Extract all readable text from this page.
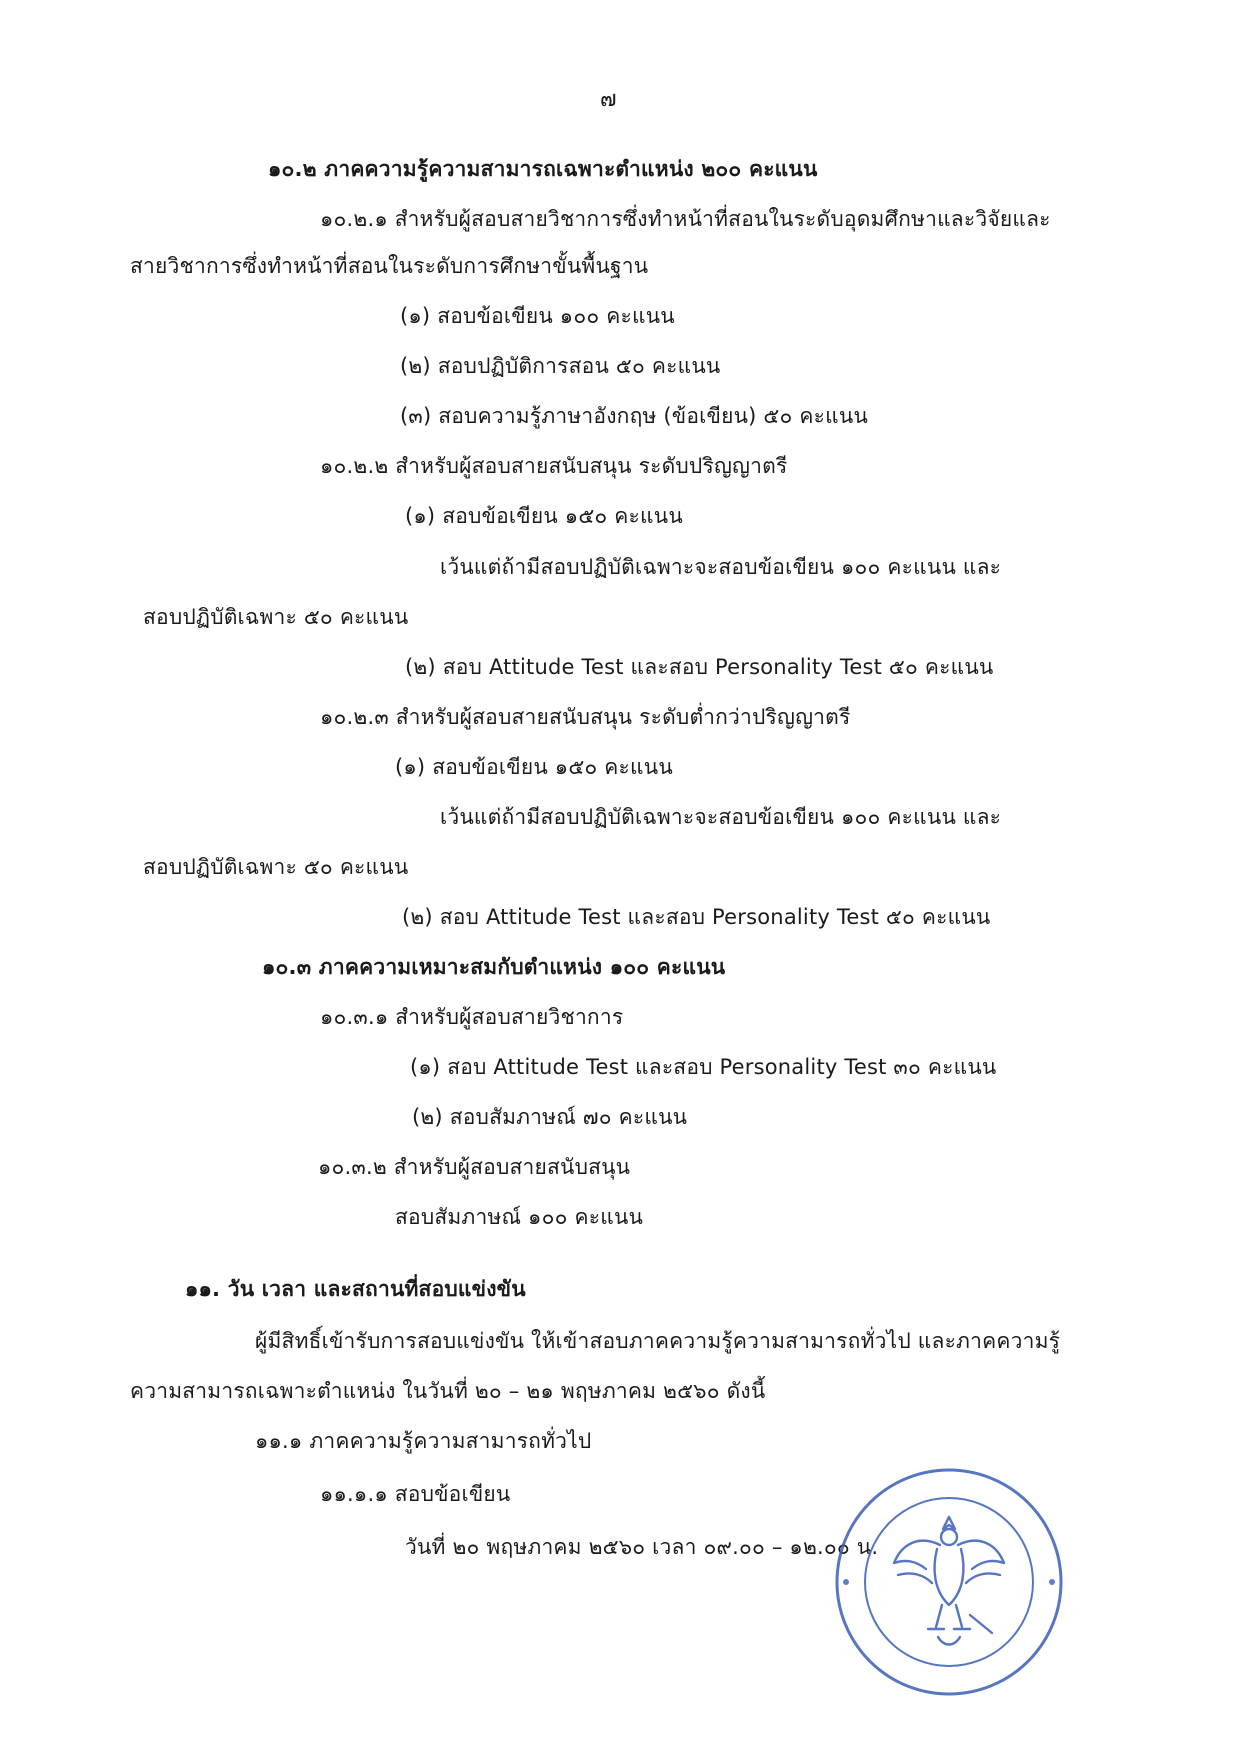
๗
๑๐.๒ ภาคความรู้ความสามารถเฉพาะตำแหน่ง ๒๐๐ คะแนน
๑๐.๒.๑ สำหรับผู้สอบสายวิชาการซึ่งทำหน้าที่สอนในระดับอุดมศึกษาและวิจัยและ
สายวิชาการซึ่งทำหน้าที่สอนในระดับการศึกษาขั้นพื้นฐาน
(๑) สอบข้อเขียน ๑๐๐ คะแนน
(๒) สอบปฏิบัติการสอน ๕๐ คะแนน
(๓) สอบความรู้ภาษาอังกฤษ (ข้อเขียน) ๕๐ คะแนน
๑๐.๒.๒ สำหรับผู้สอบสายสนับสนุน ระดับปริญญาตรี
(๑) สอบข้อเขียน ๑๕๐ คะแนน
เว้นแต่ถ้ามีสอบปฏิบัติเฉพาะจะสอบข้อเขียน ๑๐๐ คะแนน และ
สอบปฏิบัติเฉพาะ ๕๐ คะแนน
(๒) สอบ Attitude Test และสอบ Personality Test ๕๐ คะแนน
๑๐.๒.๓ สำหรับผู้สอบสายสนับสนุน ระดับต่ำกว่าปริญญาตรี
(๑) สอบข้อเขียน ๑๕๐ คะแนน
เว้นแต่ถ้ามีสอบปฏิบัติเฉพาะจะสอบข้อเขียน ๑๐๐ คะแนน และ
สอบปฏิบัติเฉพาะ ๕๐ คะแนน
(๒) สอบ Attitude Test และสอบ Personality Test ๕๐ คะแนน
๑๐.๓ ภาคความเหมาะสมกับตำแหน่ง ๑๐๐ คะแนน
๑๐.๓.๑ สำหรับผู้สอบสายวิชาการ
(๑) สอบ Attitude Test และสอบ Personality Test ๓๐ คะแนน
(๒) สอบสัมภาษณ์ ๗๐ คะแนน
๑๐.๓.๒ สำหรับผู้สอบสายสนับสนุน
สอบสัมภาษณ์ ๑๐๐ คะแนน
๑๑. วัน เวลา และสถานที่สอบแข่งขัน
ผู้มีสิทธิ์เข้ารับการสอบแข่งขัน ให้เข้าสอบภาคความรู้ความสามารถทั่วไป และภาคความรู้
ความสามารถเฉพาะตำแหน่ง ในวันที่ ๒๐ – ๒๑ พฤษภาคม ๒๕๖๐ ดังนี้
๑๑.๑ ภาคความรู้ความสามารถทั่วไป
๑๑.๑.๑ สอบข้อเขียน
วันที่ ๒๐ พฤษภาคม ๒๕๖๐ เวลา ๐๙.๐๐ – ๑๒.๐๐ น.
